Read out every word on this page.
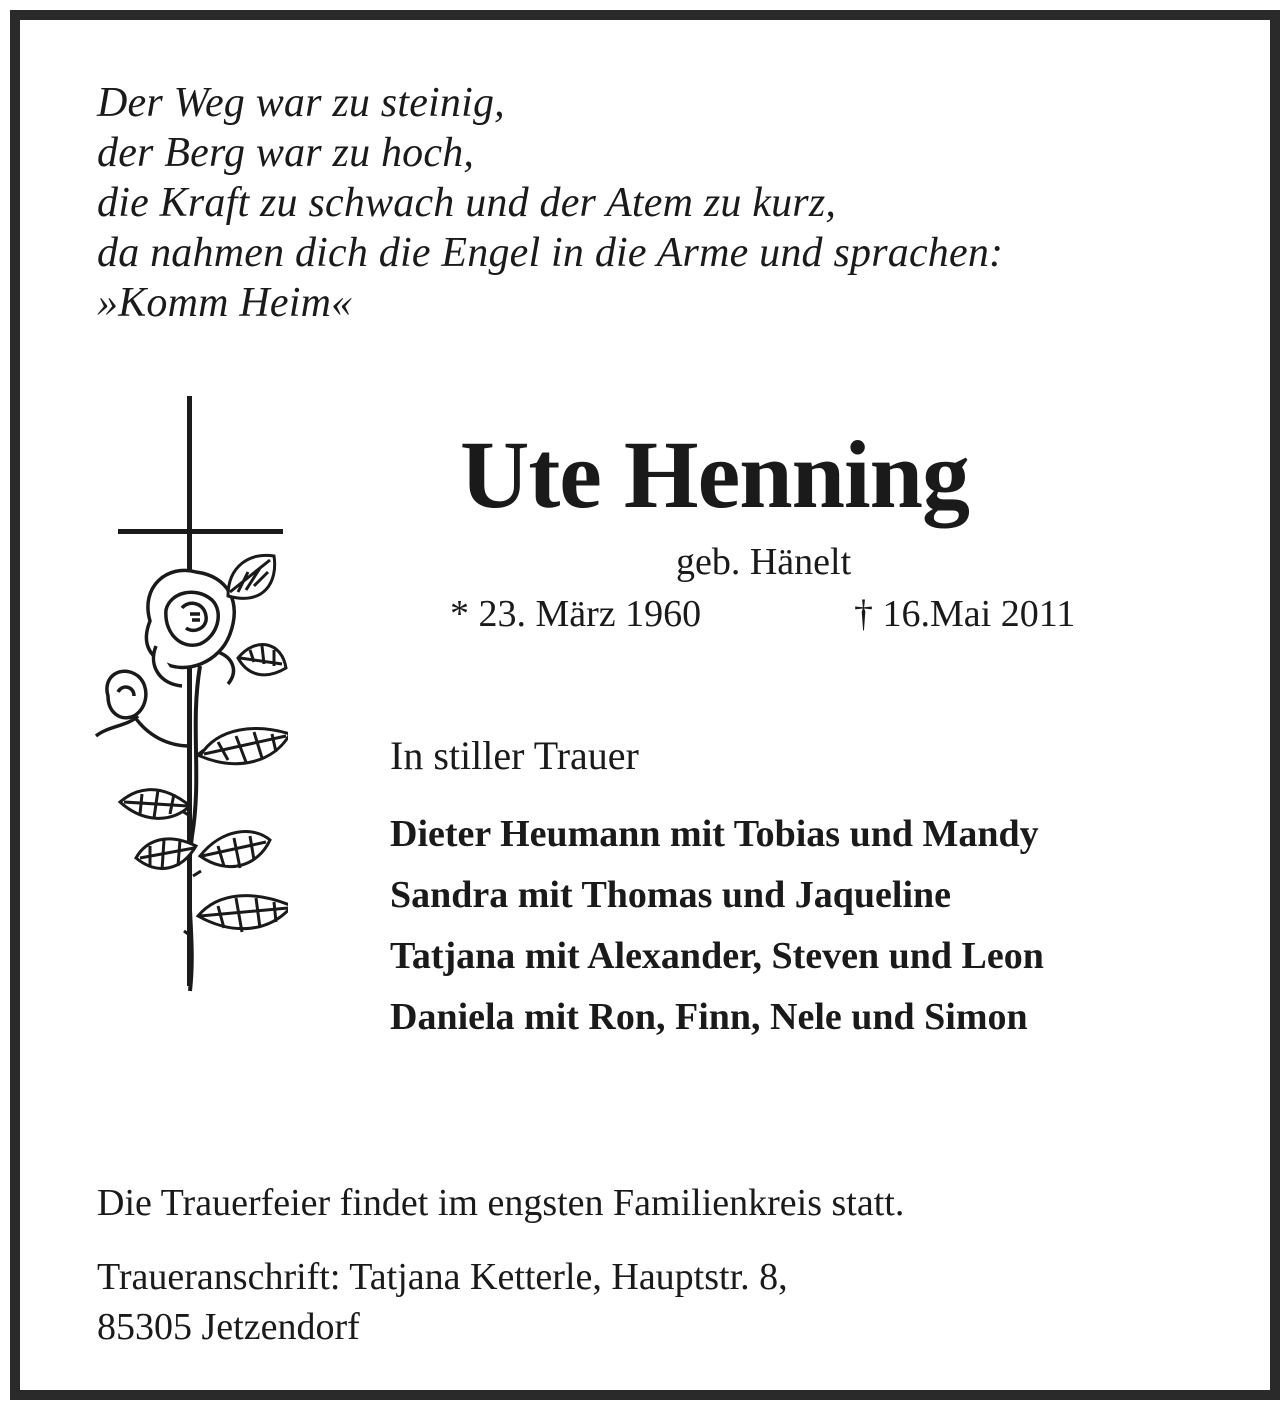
Der Weg war zu steinig,
der Berg war zu hoch,
die Kraft zu schwach und der Atem zu kurz,
da nahmen dich die Engel in die Arme und sprachen:
»Komm Heim«
Ute Henning
geb. Hänelt
* 23. März 1960	† 16.Mai 2011
In stiller Trauer
Dieter Heumann mit Tobias und Mandy
Sandra mit Thomas und Jaqueline
Tatjana mit Alexander, Steven und Leon
Daniela mit Ron, Finn, Nele und Simon
Die Trauerfeier findet im engsten Familienkreis statt.
Traueranschrift: Tatjana Ketterle, Hauptstr. 8,
85305 Jetzendorf
